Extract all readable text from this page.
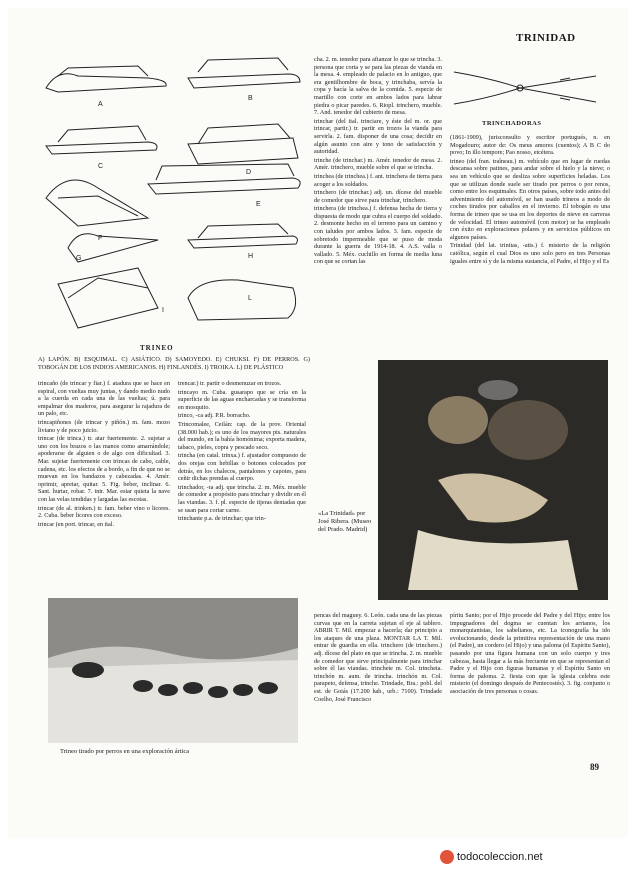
TRINIDAD
A
B
C
D
E
F
G	H
I
L
TRINEO
A) LAPÓN. B) ESQUIMAL. C) ASIÁTICO. D) SAMOYEDO. E) CHUKSI. F) DE PERROS. G) TOBOGÁN DE LOS INDIOS AMERICANOS. H) FINLANDÉS. I) TROIKA. L) DE PLÁSTICO

trincaño (de trincar y fiar.) f. atadura que se hace en espiral, con vueltas muy juntas, y dando medio nudo a la cuerda en cada una de las vueltas; ú. para empalmar dos maderos, para asegurar la rajadura de un palo, etc.

trincapiñones (de trincar y piñón.) m. fam. mozo liviano y de poco juicio.

trincar (de trinca.) tr. atar fuertemente. 2. sujetar a uno con los brazos o las manos como amarrándole; apoderarse de alguien o de algo con dificultad. 3. Mar. sujetar fuertemente con trincas de cabo, cable, cadena, etc. los efectos de a bordo, a fin de que no se muevan en los bandazos y cabezadas. 4. Amér. oprimir, apretar, quitar. 5. Fig. beber, inclinar. 6. Sant. hurtar, robar. 7. intr. Mar. estar quieta la nave con las velas tendidas y largadas las escotas.

trincar (de al. trinken.) tr. fam. beber vino o licores. 2. Cuba. beber licores con exceso.

trincar (en port. trincar, en ital.

trencar.) tr. partir o desmenuzar en trozos.

trincayo m. Cuba. gusarapo que se cría en la superficie de las aguas encharcadas y se transforma en mosquito.

trinco, -ca adj. P.R. borracho.

Trincomalee, Ceilán: cap. de la prov. Oriental (38.000 hab.); es uno de los mayores pts. naturales del mundo, en la bahía homónima; exporta madera, tabaco, pieles, copra y pescado seco.

trincha (en catal. trinxa.) f. ajustador compuesto de dos orejas con hebillas o botones colocados por detrás, en los chalecos, pantalones y capotes, para ceñir dichas prendas al cuerpo.

trinchador, -ra adj. que trincha. 2. m. Méx. mueble de comedor a propósito para trinchar y dividir en él las viandas. 3. f. pl. especie de tijeras dentadas que se usan para cortar carne.

trinchante p.a. de trinchar; que trin-

cha. 2. m. tenedor para afianzar lo que se trincha. 3. persona que corta y se para las piezas de vianda en la mesa. 4. empleado de palacio en lo antiguo, que era gentilhombre de boca, y trinchaba, servía la copa y hacía la salva de la comida. 5. especie de martillo con corte en ambos lados para labrar piedra o picar paredes. 6. Riopl. trinchero, mueble. 7. And. tenedor del cubierto de mesa.

trinchar (del ital. trinciare, y éste del m. or. que trincar, partir.) tr. partir en trozos la vianda para servirla. 2. fam. disponer de una cosa; decidir en algún asunto con aire y tono de satisfacción y autoridad.

trinche (de trinchar.) m. Amér. tenedor de mesa. 2. Amér. trinchero, mueble sobre el que se trincha.

trinchea (de trinchea.) f. ant. trinchera de tierra para acoger a los soldados.

trinchero (de trinchar.) adj. un. dícese del mueble de comedor que sirve para trinchar, trinchero.

trinchera (de trinchea.) f. defensa hecha de tierra y dispuesta de modo que cubra el cuerpo del soldado. 2. desmonte hecho en el terreno para un camino y con taludes por ambos lados. 3. fam. especie de sobretodo impermeable que se puso de moda durante la guerra de 1914-18. 4. A.S. valla o vallado. 5. Méx. cuchillo en forma de media luna con que se cortan las

TRINCHADORAS

(1861-1909), jurisconsulto y escritor portugués, n. en Mogadouro; autor de: Os meus amores (cuentos); A B C do povo; In illo tempore; Pao nosso, etcétera.

trineo (del fran. traîneau.) m. vehículo que en lugar de ruedas descansa sobre patines, para andar sobre el hielo y la nieve; o sea un vehículo que se desliza sobre superficies heladas. Los que se utilizan donde suele ser tirado por perros o por renos, como entre los esquimales. En otros países, sobre todo antes del advenimiento del automóvil, se han usado trineos a modo de coches tirados por caballos en el invierno. El tobogán es una forma de trineo que se usa en los deportes de nieve en carreras de velocidad. El trineo automóvil (con motor) se ha empleado con éxito en exploraciones polares y en servicios públicos en algunos países.

Trinidad (del lat. trinitas, -atis.) f. misterio de la religión católica, según el cual Dios es uno solo pero en tres Personas iguales entre sí y de la misma sustancia, el Padre, el Hijo y el Es

«La Trinidad» por José Ribera. (Museo del Prado. Madrid)
Trineo tirado por perros en una exploración ártica

pencas del maguey. 6. León. cada una de las piezas curvas que en la carreta sujetan el eje al tablero. ABRIR T. Mil. empezar a hacerla; dar principio a los ataques de una plaza. MONTAR LA T. Mil. entrar de guardia en ella. trinchero (de trinchero.) adj. dícese del plato en que se trincha. 2. m. mueble de comedor que sirve principalmente para trinchar sobre él las viandas. trinchete m. Col. trincheta. trinchón m. aum. de trincha. trinchón m. Col. parapeto, defensa, trinche. Trindade, Bra.: pobl. del est. de Goiás (17.200 hab., urb.: 7100). Trindade Coelho, José Francisco

píritu Santo; por el Hijo procede del Padre y del Hijo; entre los impugnadores del dogma se cuentan los arrianos, los monarquianistas, los sabelianos, etc. La iconografía ha ido evolucionando, desde la primitiva representación de una mano (el Padre), un cordero (el Hijo) y una paloma (el Espíritu Santo), pasando por una figura humana con un solo cuerpo y tres cabezas, hasta llegar a la más frecuente en que se representan el Padre y el Hijo con figuras humanas y el Espíritu Santo en forma de paloma. 2. fiesta con que la iglesia celebra este misterio (el domingo después de Pentecostés). 3. fig. conjunto o asociación de tres personas o cosas.

89
todocoleccion.net
